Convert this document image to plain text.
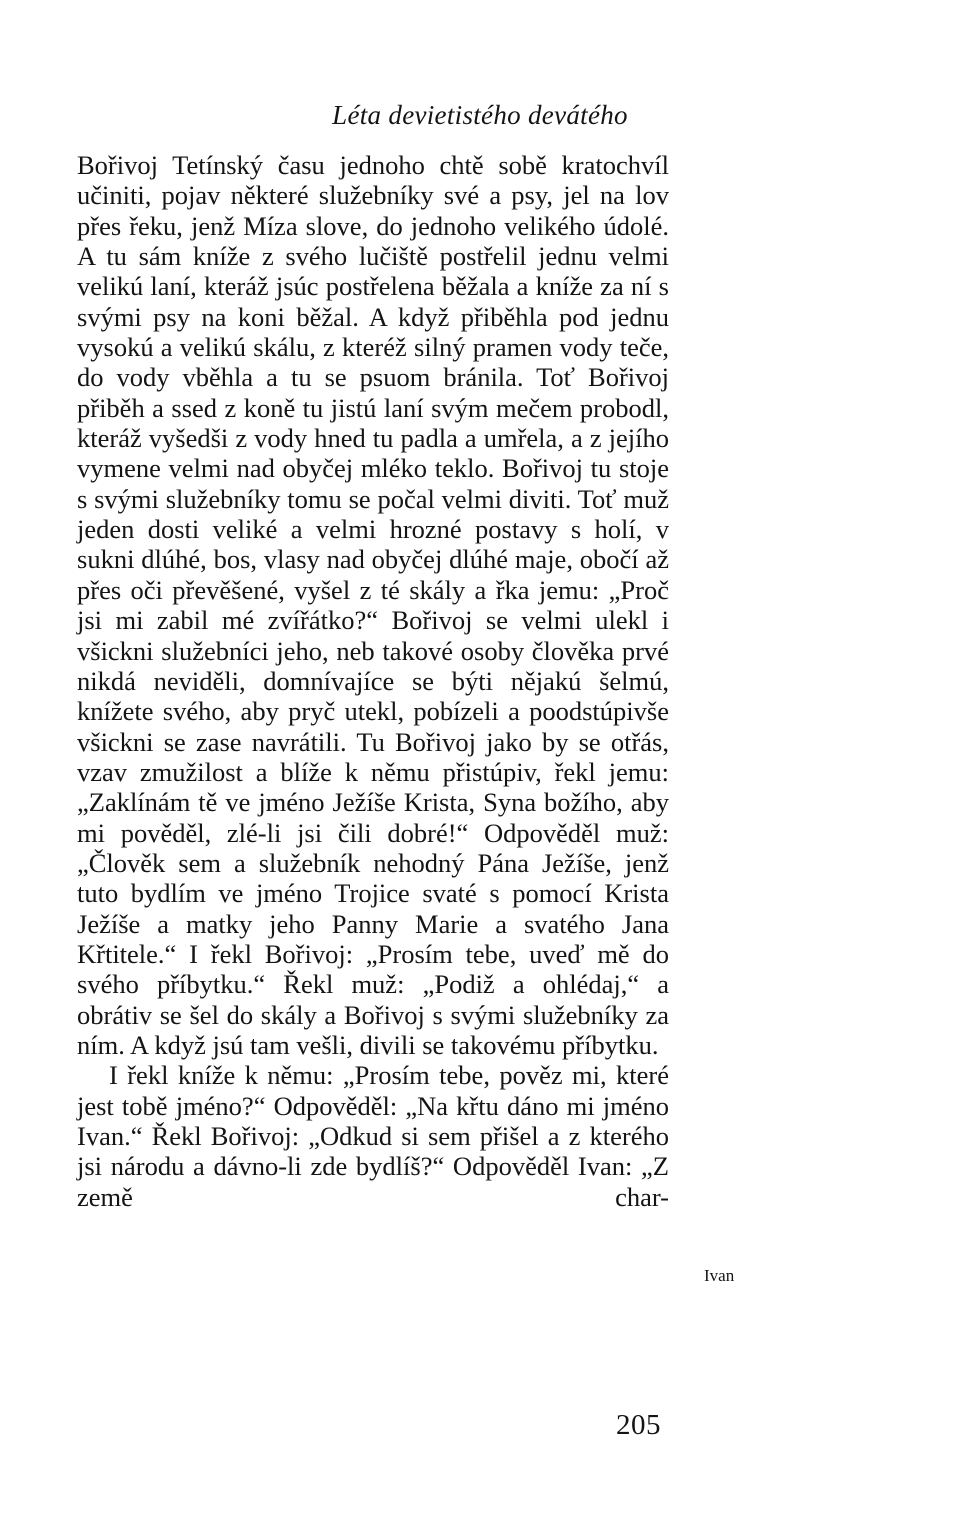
Léta devietistého devátého

Bořivoj Tetínský času jednoho chtě sobě kratochvíl učiniti, pojav některé služebníky své a psy, jel na lov přes řeku, jenž Míza slove, do jednoho velikého údolé. A tu sám kníže z svého lučiště postřelil jednu velmi velikú laní, kteráž jsúc postřelena běžala a kníže za ní s svými psy na koni běžal. A když přiběhla pod jednu vysokú a velikú skálu, z kteréž silný pramen vody teče, do vody vběhla a tu se psuom bránila. Toť Bořivoj přiběh a ssed z koně tu jistú laní svým mečem probodl, kteráž vyšedši z vody hned tu padla a umřela, a z jejího vymene velmi nad obyčej mléko teklo. Bořivoj tu stoje s svými služebníky tomu se počal velmi diviti. Toť muž jeden dosti veliké a velmi hrozné postavy s holí, v sukni dlúhé, bos, vlasy nad obyčej dlúhé maje, obočí až přes oči převěšené, vyšel z té skály a řka jemu: „Proč jsi mi zabil mé zvířátko?“ Bořivoj se velmi ulekl i všickni služebníci jeho, neb takové osoby člověka prvé nikdá neviděli, domnívajíce se býti nějakú šelmú, knížete svého, aby pryč utekl, pobízeli a poodstúpivše všickni se zase navrátili. Tu Bořivoj jako by se otřás, vzav zmužilost a blíže k němu přistúpiv, řekl jemu: „Zaklínám tě ve jméno Ježíše Krista, Syna božího, aby mi pověděl, zlé-li jsi čili dobré!“ Odpověděl muž: „Člověk sem a služebník nehodný Pána Ježíše, jenž tuto bydlím ve jméno Trojice svaté s pomocí Krista Ježíše a matky jeho Panny Marie a svatého Jana Křtitele.“ I řekl Bořivoj: „Prosím tebe, uveď mě do svého příbytku.“ Řekl muž: „Podiž a ohlédaj,“ a obrátiv se šel do skály a Bořivoj s svými služebníky za ním. A když jsú tam vešli, divili se takovému příbytku.

I řekl kníže k němu: „Prosím tebe, pověz mi, které jest tobě jméno?“ Odpověděl: „Na křtu dáno mi jméno Ivan.“ Řekl Bořivoj: „Odkud si sem přišel a z kterého jsi národu a dávno-li zde bydlíš?“ Odpověděl Ivan: „Z země char-

Ivan
205
